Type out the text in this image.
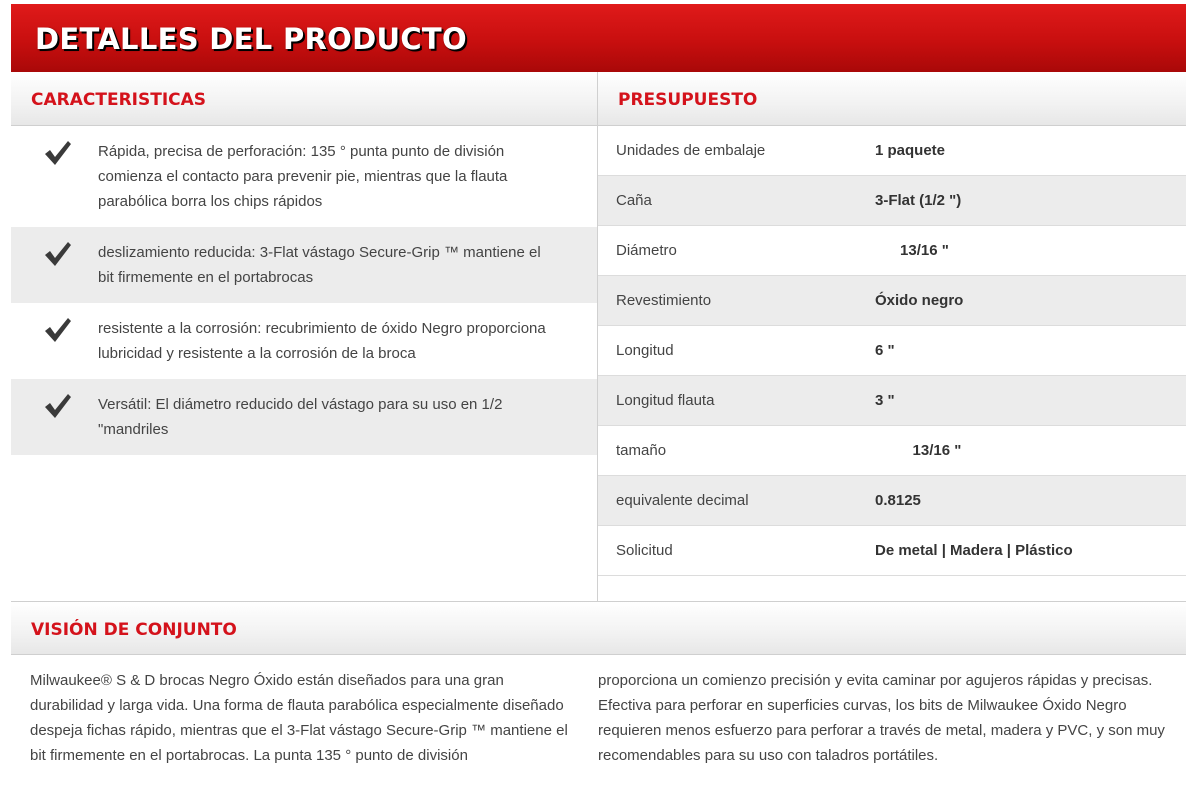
DETALLES DEL PRODUCTO
CARACTERISTICAS	PRESUPUESTO
Rápida, precisa de perforación: 135 ° punta punto de división comienza el contacto para prevenir pie, mientras que la flauta parabólica borra los chips rápidos
deslizamiento reducida: 3-Flat vástago Secure-Grip ™ mantiene el bit firmemente en el portabrocas
resistente a la corrosión: recubrimiento de óxido Negro proporciona lubricidad y resistente a la corrosión de la broca
Versátil: El diámetro reducido del vástago para su uso en 1/2 "mandriles
Unidades de embalaje	1 paquete
Caña	3-Flat (1/2 ")
Diámetro	13/16 "
Revestimiento	Óxido negro
Longitud	6 "
Longitud flauta	3 "
tamaño	13/16 "
equivalente decimal	0.8125
Solicitud	De metal | Madera | Plástico
VISIÓN DE CONJUNTO
Milwaukee® S & D brocas Negro Óxido están diseñados para una gran durabilidad y larga vida. Una forma de flauta parabólica especialmente diseñado despeja fichas rápido, mientras que el 3-Flat vástago Secure-Grip ™ mantiene el bit firmemente en el portabrocas. La punta 135 ° punto de división
proporciona un comienzo precisión y evita caminar por agujeros rápidas y precisas. Efectiva para perforar en superficies curvas, los bits de Milwaukee Óxido Negro requieren menos esfuerzo para perforar a través de metal, madera y PVC, y son muy recomendables para su uso con taladros portátiles.
